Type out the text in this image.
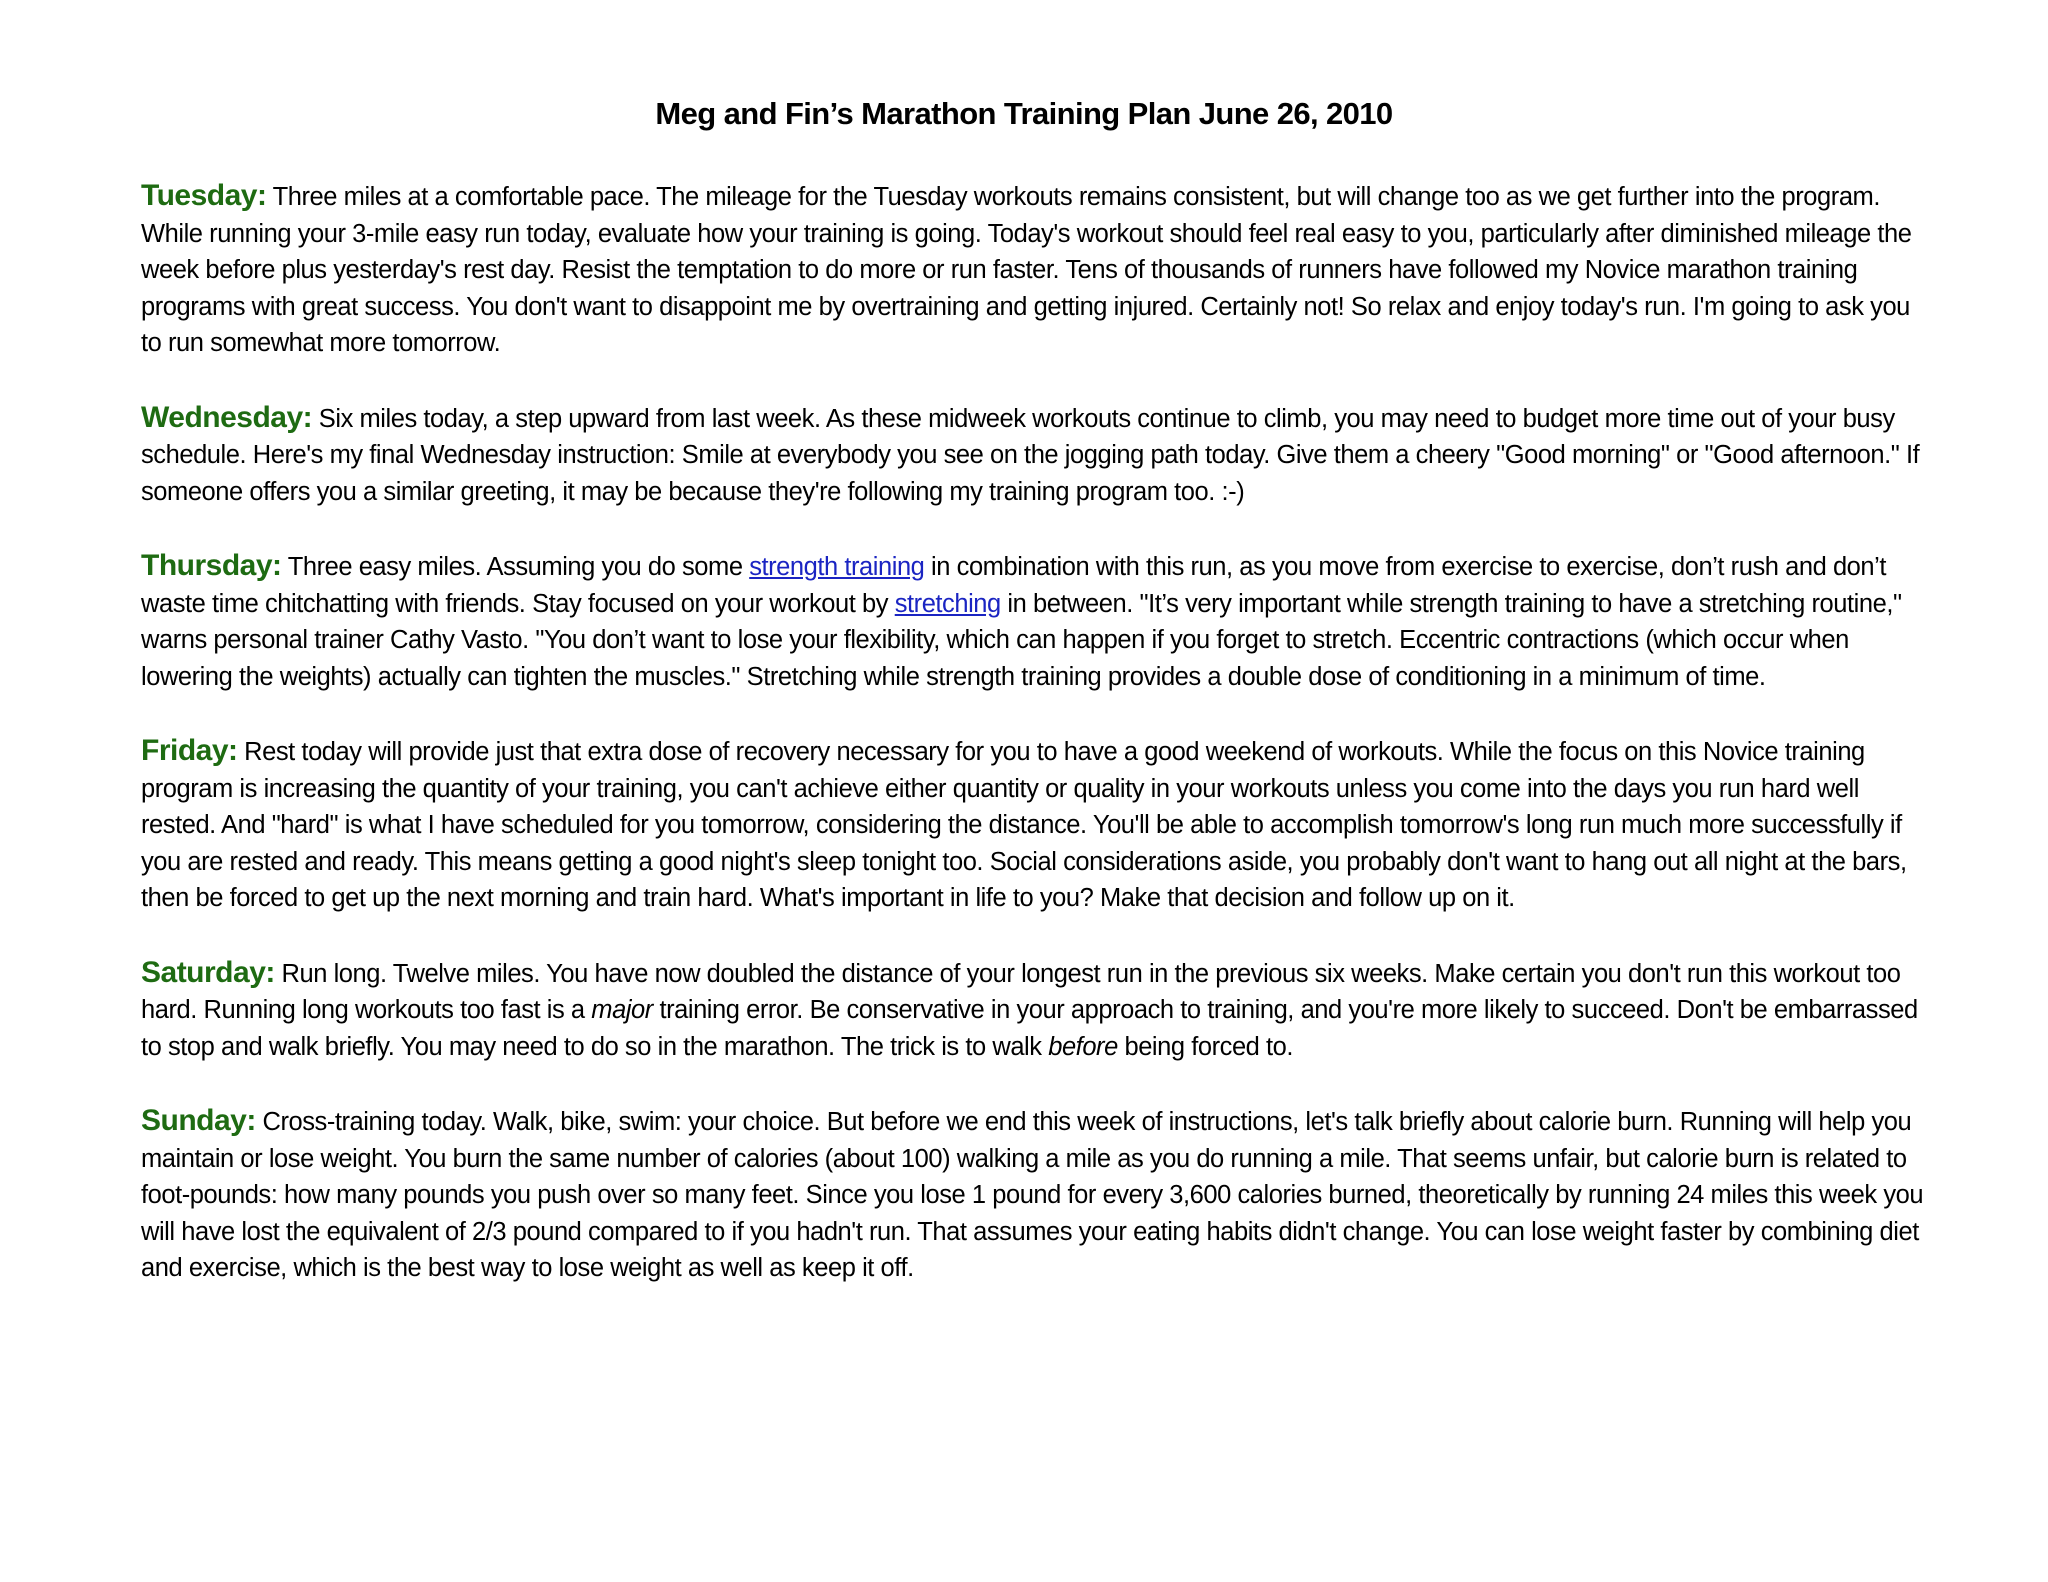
Meg and Fin’s Marathon Training Plan June 26, 2010

Tuesday: Three miles at a comfortable pace. The mileage for the Tuesday workouts remains consistent, but will change too as we get further into the program. While running your 3-mile easy run today, evaluate how your training is going. Today's workout should feel real easy to you, particularly after diminished mileage the week before plus yesterday's rest day. Resist the temptation to do more or run faster. Tens of thousands of runners have followed my Novice marathon training programs with great success. You don't want to disappoint me by overtraining and getting injured. Certainly not! So relax and enjoy today's run. I'm going to ask you to run somewhat more tomorrow.

Wednesday: Six miles today, a step upward from last week. As these midweek workouts continue to climb, you may need to budget more time out of your busy schedule. Here's my final Wednesday instruction: Smile at everybody you see on the jogging path today. Give them a cheery "Good morning" or "Good afternoon." If someone offers you a similar greeting, it may be because they're following my training program too. :-)

Thursday: Three easy miles. Assuming you do some strength training in combination with this run, as you move from exercise to exercise, don’t rush and don’t waste time chitchatting with friends. Stay focused on your workout by stretching in between. "It’s very important while strength training to have a stretching routine," warns personal trainer Cathy Vasto. "You don’t want to lose your flexibility, which can happen if you forget to stretch. Eccentric contractions (which occur when lowering the weights) actually can tighten the muscles." Stretching while strength training provides a double dose of conditioning in a minimum of time.

Friday: Rest today will provide just that extra dose of recovery necessary for you to have a good weekend of workouts. While the focus on this Novice training program is increasing the quantity of your training, you can't achieve either quantity or quality in your workouts unless you come into the days you run hard well rested. And "hard" is what I have scheduled for you tomorrow, considering the distance. You'll be able to accomplish tomorrow's long run much more successfully if you are rested and ready. This means getting a good night's sleep tonight too. Social considerations aside, you probably don't want to hang out all night at the bars, then be forced to get up the next morning and train hard. What's important in life to you? Make that decision and follow up on it.

Saturday: Run long. Twelve miles. You have now doubled the distance of your longest run in the previous six weeks. Make certain you don't run this workout too hard. Running long workouts too fast is a major training error. Be conservative in your approach to training, and you're more likely to succeed. Don't be embarrassed to stop and walk briefly. You may need to do so in the marathon. The trick is to walk before being forced to.

Sunday: Cross-training today. Walk, bike, swim: your choice. But before we end this week of instructions, let's talk briefly about calorie burn. Running will help you maintain or lose weight. You burn the same number of calories (about 100) walking a mile as you do running a mile. That seems unfair, but calorie burn is related to foot-pounds: how many pounds you push over so many feet. Since you lose 1 pound for every 3,600 calories burned, theoretically by running 24 miles this week you will have lost the equivalent of 2/3 pound compared to if you hadn't run. That assumes your eating habits didn't change. You can lose weight faster by combining diet and exercise, which is the best way to lose weight as well as keep it off.
